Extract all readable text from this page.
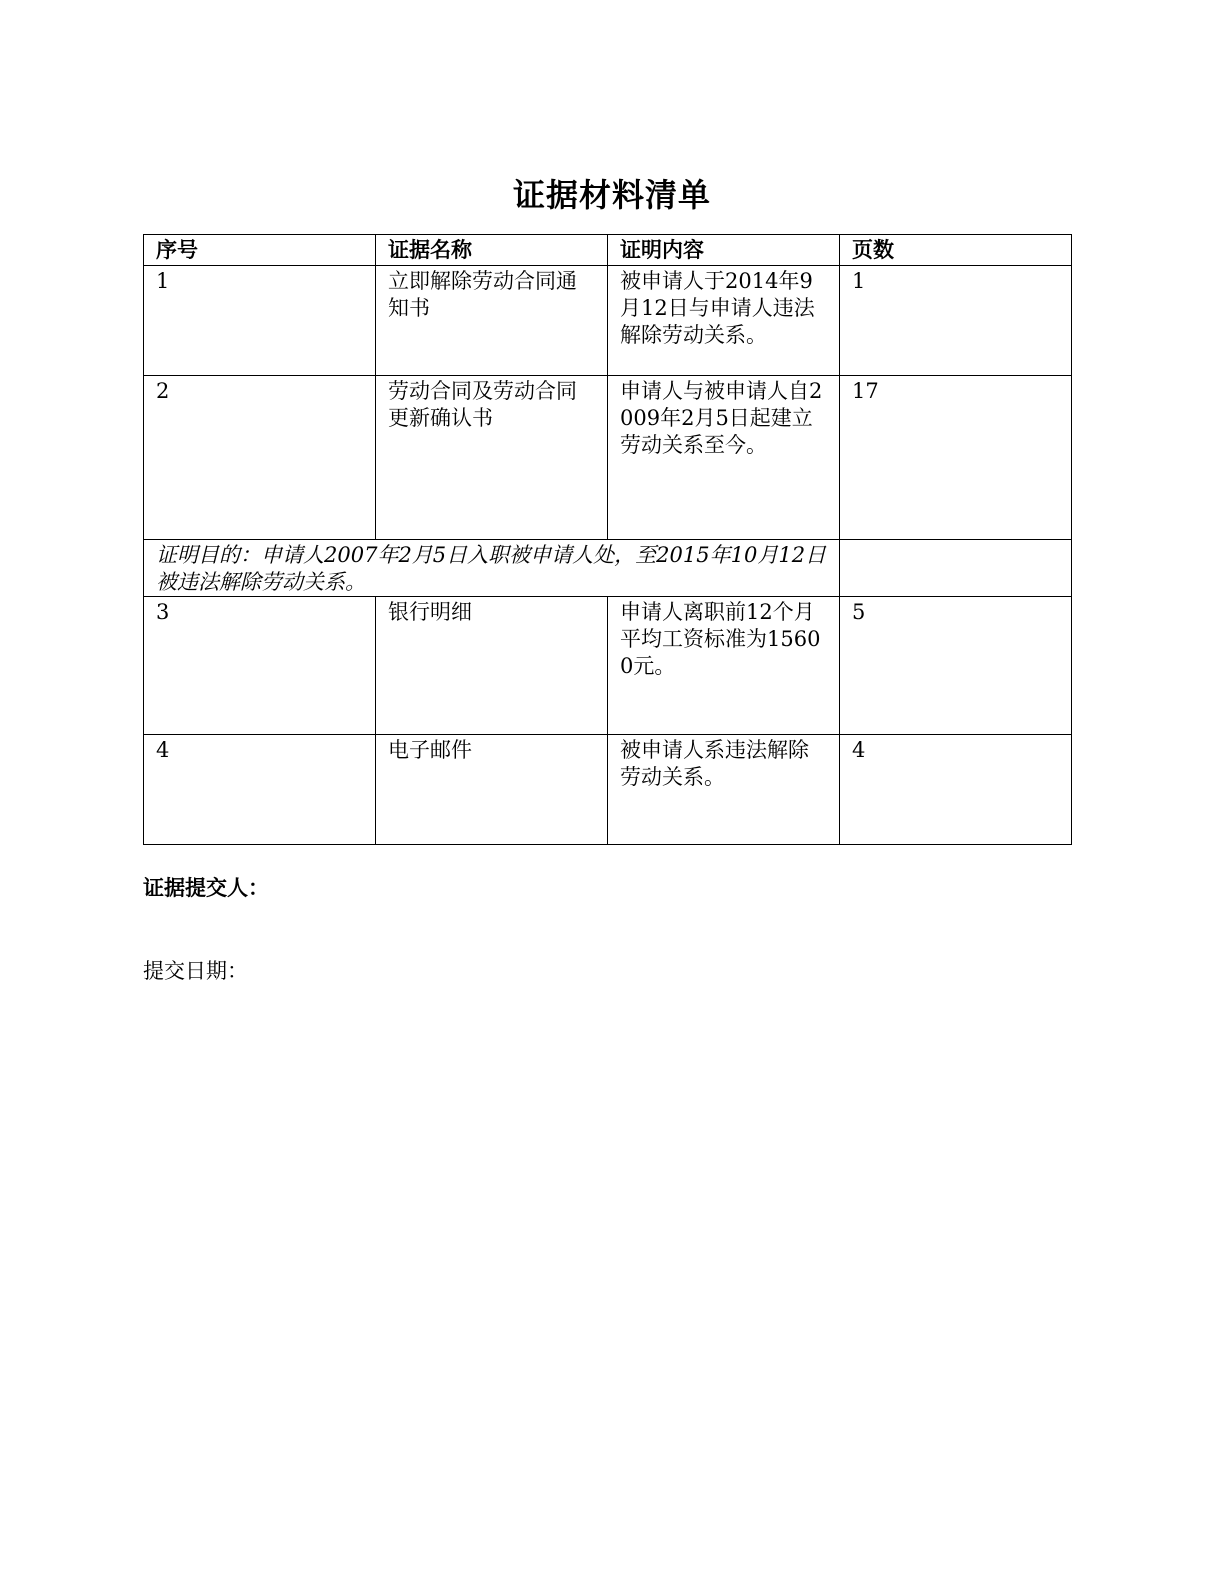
证据材料清单
序号	证据名称	证明内容	页数
1	立即解除劳动合同通知书	被申请人于2014年9月12日与申请人违法解除劳动关系。	1
2	劳动合同及劳动合同更新确认书	申请人与被申请人自2009年2月5日起建立劳动关系至今。	17
证明目的：申请人2007年2月5日入职被申请人处，至2015年10月12日被违法解除劳动关系。			
3	银行明细	申请人离职前12个月平均工资标准为15600元。	5
4	电子邮件	被申请人系违法解除劳动关系。	4
证据提交人：
提交日期：
